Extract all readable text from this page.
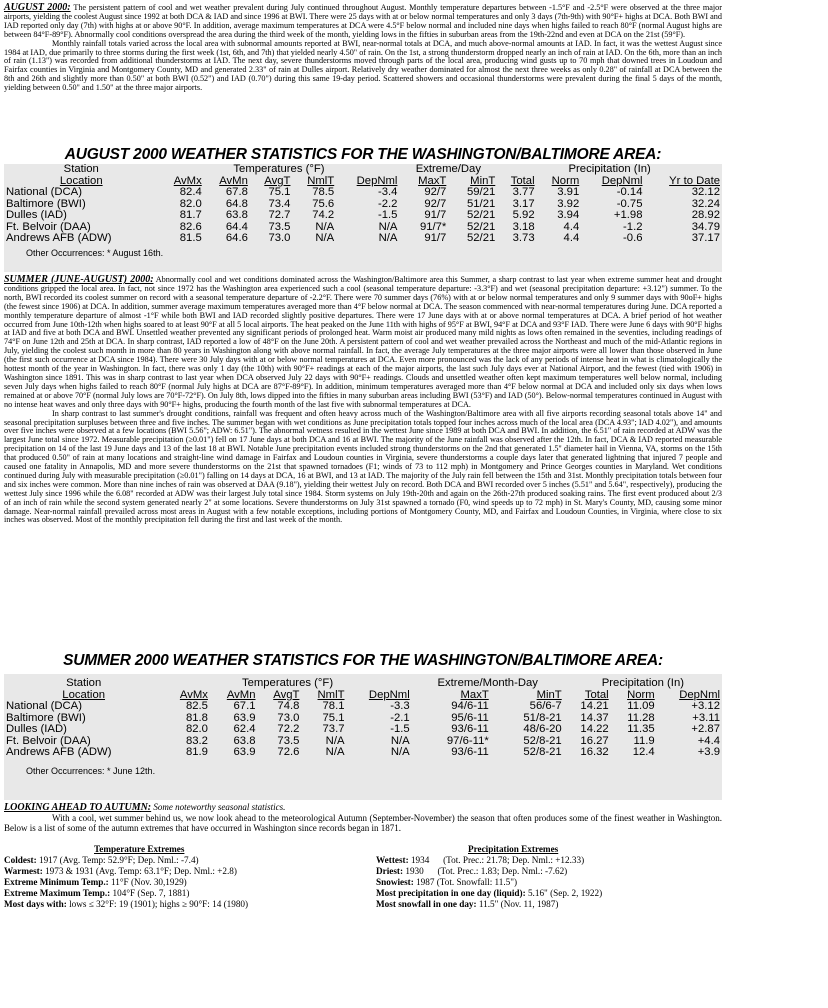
AUGUST 2000: The persistent pattern of cool and wet weather prevalent during July continued throughout August. Monthly temperature departures between -1.5°F and -2.5°F were observed at the three major airports, yielding the coolest August since 1992 at both DCA & IAD and since 1996 at BWI. There were 25 days with at or below normal temperatures and only 3 days (7th-9th) with 90°F+ highs at DCA. Both BWI and IAD reported only day (7th) with highs at or above 90°F. In addition, average maximum temperatures at DCA were 4.5°F below normal and included nine days when highs failed to reach 80°F (normal August highs are between 84°F-89°F). Abnormally cool conditions overspread the area during the third week of the month, yielding lows in the fifties in suburban areas from the 19th-22nd and even at DCA on the 21st (59°F).

Monthly rainfall totals varied across the local area with subnormal amounts reported at BWI, near-normal totals at DCA, and much above-normal amounts at IAD. In fact, it was the wettest August since 1984 at IAD, due primarily to three storms during the first week (1st, 6th, and 7th) that yielded nearly 4.50" of rain. On the 1st, a strong thunderstorm dropped nearly an inch of rain at IAD. On the 6th, more than an inch of rain (1.13") was recorded from additional thunderstorms at IAD. The next day, severe thunderstorms moved through parts of the local area, producing wind gusts up to 70 mph that downed trees in Loudoun and Fairfax counties in Virginia and Montgomery County, MD and generated 2.33" of rain at Dulles airport. Relatively dry weather dominated for almost the next three weeks as only 0.28" of rainfall at DCA between the 8th and 26th and slightly more than 0.50" at both BWI (0.52") and IAD (0.70") during this same 19-day period. Scattered showers and occasional thunderstorms were prevalent during the final 5 days of the month, yielding between 0.50" and 1.50" at the three major airports.

AUGUST 2000 WEATHER STATISTICS FOR THE WASHINGTON/BALTIMORE AREA:
Station	Temperatures (°F)					Extreme/Day		Precipitation (In)			
Location	AvMx	AvMn	AvgT	NmlT	DepNml	MaxT	MinT	Total	Norm	DepNml	Yr to Date
National (DCA)	82.4	67.8	75.1	78.5	-3.4	92/7	59/21	3.77	3.91	-0.14	32.12
Baltimore (BWI)	82.0	64.8	73.4	75.6	-2.2	92/7	51/21	3.17	3.92	-0.75	32.24
Dulles (IAD)	81.7	63.8	72.7	74.2	-1.5	91/7	52/21	5.92	3.94	+1.98	28.92
Ft. Belvoir (DAA)	82.6	64.4	73.5	N/A	N/A	91/7*	52/21	3.18	4.4	-1.2	34.79
Andrews AFB (ADW)	81.5	64.6	73.0	N/A	N/A	91/7	52/21	3.73	4.4	-0.6	37.17
Other Occurrences: * August 16th.

SUMMER (JUNE-AUGUST) 2000: Abnormally cool and wet conditions dominated across the Washington/Baltimore area this Summer, a sharp contrast to last year when extreme summer heat and drought conditions gripped the local area. In fact, not since 1972 has the Washington area experienced such a cool (seasonal temperature departure: -3.3°F) and wet (seasonal precipitation departure: +3.12") summer. To the north, BWI recorded its coolest summer on record with a seasonal temperature departure of -2.2°F. There were 70 summer days (76%) with at or below normal temperatures and only 9 summer days with 90oF+ highs (the fewest since 1906) at DCA. In addition, summer average maximum temperatures averaged more than 4°F below normal at DCA. The season commenced with near-normal temperatures during June. DCA reported a monthly temperature departure of almost -1°F while both BWI and IAD recorded slightly positive departures. There were 17 June days with at or above normal temperatures at DCA. A brief period of hot weather occurred from June 10th-12th when highs soared to at least 90°F at all 5 local airports. The heat peaked on the June 11th with highs of 95°F at BWI, 94°F at DCA and 93°F IAD. There were June 6 days with 90°F highs at IAD and five at both DCA and BWI. Unsettled weather prevented any significant periods of prolonged heat. Warm moist air produced many mild nights as lows often remained in the seventies, including readings of 74°F on June 12th and 25th at DCA. In sharp contrast, IAD reported a low of 48°F on the June 20th. A persistent pattern of cool and wet weather prevailed across the Northeast and much of the mid-Atlantic regions in July, yielding the coolest such month in more than 80 years in Washington along with above normal rainfall. In fact, the average July temperatures at the three major airports were all lower than those observed in June (the first such occurrence at DCA since 1984). There were 30 July days with at or below normal temperatures at DCA. Even more pronounced was the lack of any periods of intense heat in what is climatologically the hottest month of the year in Washington. In fact, there was only 1 day (the 10th) with 90°F+ readings at each of the major airports, the last such July days ever at National Airport, and the fewest (tied with 1906) in Washington since 1891. This was in sharp contrast to last year when DCA observed July 22 days with 90°F+ readings. Clouds and unsettled weather often kept maximum temperatures well below normal, including seven July days when highs failed to reach 80°F (normal July highs at DCA are 87°F-89°F). In addition, minimum temperatures averaged more than 4°F below normal at DCA and included only six days when lows remained at or above 70°F (normal July lows are 70°F-72°F). On July 8th, lows dipped into the fifties in many suburban areas including BWI (53°F) and IAD (50°). Below-normal temperatures continued in August with no intense heat waves and only three days with 90°F+ highs, producing the fourth month of the last five with subnormal temperatures at DCA.

In sharp contrast to last summer's drought conditions, rainfall was frequent and often heavy across much of the Washington/Baltimore area with all five airports recording seasonal totals above 14" and seasonal precipitation surpluses between three and five inches. The summer began with wet conditions as June precipitation totals topped four inches across much of the local area (DCA 4.93"; IAD 4.02"), and amounts over five inches were observed at a few locations (BWI 5.56"; ADW: 6.51"). The abnormal wetness resulted in the wettest June since 1989 at both DCA and BWI. In addition, the 6.51" of rain recorded at ADW was the largest June total since 1972. Measurable precipitation (≥0.01") fell on 17 June days at both DCA and 16 at BWI. The majority of the June rainfall was observed after the 12th. In fact, DCA & IAD reported measurable precipitation on 14 of the last 19 June days and 13 of the last 18 at BWI. Notable June precipitation events included strong thunderstorms on the 2nd that generated 1.5" diameter hail in Vienna, VA, storms on the 15th that produced 0.50" of rain at many locations and straight-line wind damage in Fairfax and Loudoun counties in Virginia, severe thunderstorms a couple days later that generated lightning that injured 7 people and caused one fatality in Annapolis, MD and more severe thunderstorms on the 21st that spawned tornadoes (F1; winds of 73 to 112 mph) in Montgomery and Prince Georges counties in Maryland. Wet conditions continued during July with measurable precipitation (≥0.01") falling on 14 days at DCA, 16 at BWI, and 13 at IAD. The majority of the July rain fell between the 15th and 31st. Monthly precipitation totals between four and six inches were common. More than nine inches of rain was observed at DAA (9.18"), yielding their wettest July on record. Both DCA and BWI recorded over 5 inches (5.51" and 5.64", respectively), producing the wettest July since 1996 while the 6.08" recorded at ADW was their largest July total since 1984. Storm systems on July 19th-20th and again on the 26th-27th produced soaking rains. The first event produced about 2/3 of an inch of rain while the second system generated nearly 2" at some locations. Severe thunderstorms on July 31st spawned a tornado (F0, wind speeds up to 72 mph) in St. Mary's County, MD, causing some minor damage. Near-normal rainfall prevailed across most areas in August with a few notable exceptions, including portions of Montgomery County, MD, and Fairfax and Loudoun Counties, in Virginia, where close to six inches was observed. Most of the monthly precipitation fell during the first and last week of the month.

SUMMER 2000 WEATHER STATISTICS FOR THE WASHINGTON/BALTIMORE AREA:
Station	Temperatures (°F)					Extreme/Month-Day		Precipitation (In)		
Location	AvMx	AvMn	AvgT	NmlT	DepNml	MaxT	MinT	Total	Norm	DepNml
National (DCA)	82.5	67.1	74.8	78.1	-3.3	94/6-11	56/6-7	14.21	11.09	+3.12
Baltimore (BWI)	81.8	63.9	73.0	75.1	-2.1	95/6-11	51/8-21	14.37	11.28	+3.11
Dulles (IAD)	82.0	62.4	72.2	73.7	-1.5	93/6-11	48/6-20	14.22	11.35	+2.87
Ft. Belvoir (DAA)	83.2	63.8	73.5	N/A	N/A	97/6-11*	52/8-21	16.27	11.9	+4.4
Andrews AFB (ADW)	81.9	63.9	72.6	N/A	N/A	93/6-11	52/8-21	16.32	12.4	+3.9
Other Occurrences: * June 12th.

LOOKING AHEAD TO AUTUMN: Some noteworthy seasonal statistics.

With a cool, wet summer behind us, we now look ahead to the meteorological Autumn (September-November) the season that often produces some of the finest weather in Washington. Below is a list of some of the autumn extremes that have occurred in Washington since records began in 1871.

Temperature Extremes
Coldest: 1917 (Avg. Temp: 52.9°F; Dep. Nml.: -7.4)
Warmest: 1973 & 1931 (Avg. Temp: 63.1°F; Dep. Nml.: +2.8)
Extreme Minimum Temp.: 11°F (Nov. 30,1929)
Extreme Maximum Temp.: 104°F (Sep. 7, 1881)
Most days with: lows ≤ 32°F: 19 (1901); highs ≥ 90°F: 14 (1980)
Precipitation Extremes
Wettest: 1934      (Tot. Prec.: 21.78; Dep. Nml.: +12.33)
Driest: 1930      (Tot. Prec.: 1.83; Dep. Nml.: -7.62)
Snowiest: 1987 (Tot. Snowfall: 11.5")
Most precipitation in one day (liquid): 5.16" (Sep. 2, 1922)
Most snowfall in one day: 11.5" (Nov. 11, 1987)
